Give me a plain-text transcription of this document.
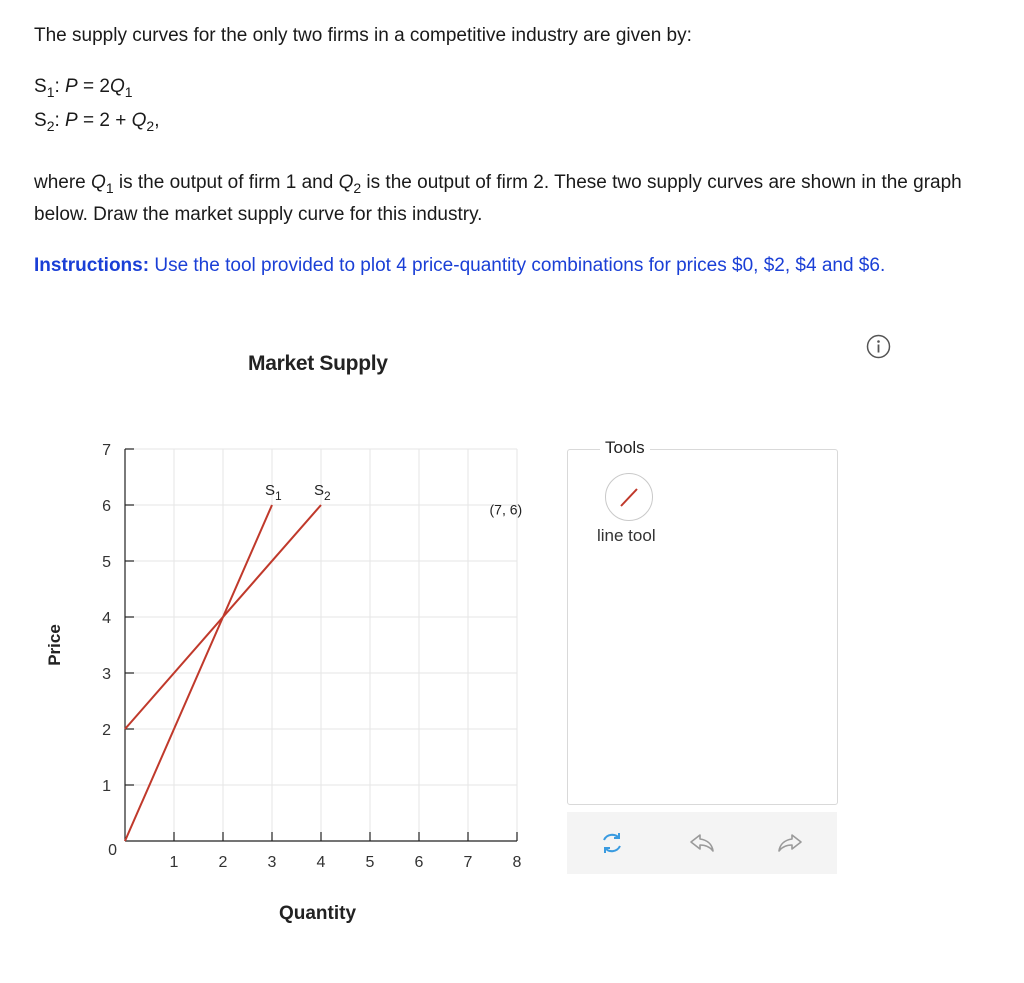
The supply curves for the only two firms in a competitive industry are given by:
$S_1$: $P = 2Q_1$
$S_2$: $P = 2 + Q_2$,
where $Q_1$ is the output of firm 1 and $Q_2$ is the output of firm 2. These two supply curves are shown in the graph below. Draw the market supply curve for this industry.
Instructions: Use the tool provided to plot 4 price-quantity combinations for prices $0, $2, $4 and $6.
Market Supply
0
1
2
3
4
5
6
7
1	2	3	4	5	6	7	8
Quantity
Price
$S_1$ $S_2$
(7, 6)
Tools
line tool
